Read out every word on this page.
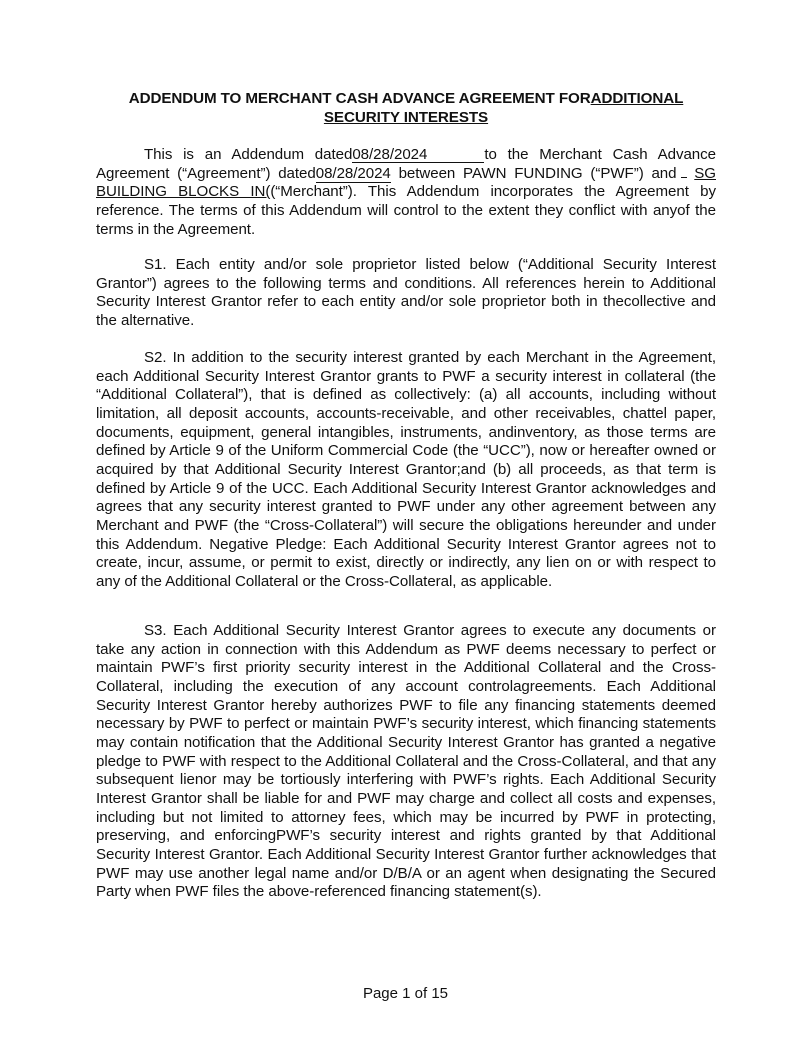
ADDENDUM TO MERCHANT CASH ADVANCE AGREEMENT FORADDITIONAL
SECURITY INTERESTS

This is an Addendum dated08/28/2024	to the Merchant Cash Advance Agreement (“Agreement”) dated08/28/2024 between PAWN FUNDING (“PWF”) and SG BUILDING BLOCKS IN((“Merchant”). This Addendum incorporates the Agreement by reference. The terms of this Addendum will control to the extent they conflict with anyof the terms in the Agreement.

S1. Each entity and/or sole proprietor listed below (“Additional Security Interest Grantor”) agrees to the following terms and conditions. All references herein to Additional Security Interest Grantor refer to each entity and/or sole proprietor both in thecollective and the alternative.

S2. In addition to the security interest granted by each Merchant in the Agreement, each Additional Security Interest Grantor grants to PWF a security interest in collateral (the “Additional Collateral”), that is defined as collectively: (a) all accounts, including without limitation, all deposit accounts, accounts-receivable, and other receivables, chattel paper, documents, equipment, general intangibles, instruments, andinventory, as those terms are defined by Article 9 of the Uniform Commercial Code (the “UCC”), now or hereafter owned or acquired by that Additional Security Interest Grantor;and (b) all proceeds, as that term is defined by Article 9 of the UCC. Each Additional Security Interest Grantor acknowledges and agrees that any security interest granted to PWF under any other agreement between any Merchant and PWF (the “Cross-Collateral”) will secure the obligations hereunder and under this Addendum. Negative Pledge: Each Additional Security Interest Grantor agrees not to create, incur, assume, or permit to exist, directly or indirectly, any lien on or with respect to any of the Additional Collateral or the Cross-Collateral, as applicable.

S3. Each Additional Security Interest Grantor agrees to execute any documents or take any action in connection with this Addendum as PWF deems necessary to perfect or maintain PWF’s first priority security interest in the Additional Collateral and the Cross-Collateral, including the execution of any account controlagreements. Each Additional Security Interest Grantor hereby authorizes PWF to file any financing statements deemed necessary by PWF to perfect or maintain PWF’s security interest, which financing statements may contain notification that the Additional Security Interest Grantor has granted a negative pledge to PWF with respect to the Additional Collateral and the Cross-Collateral, and that any subsequent lienor may be tortiously interfering with PWF’s rights. Each Additional Security Interest Grantor shall be liable for and PWF may charge and collect all costs and expenses, including but not limited to attorney fees, which may be incurred by PWF in protecting, preserving, and enforcingPWF’s security interest and rights granted by that Additional Security Interest Grantor. Each Additional Security Interest Grantor further acknowledges that PWF may use another legal name and/or D/B/A or an agent when designating the Secured Party when PWF files the above-referenced financing statement(s).

Page 1 of 15
